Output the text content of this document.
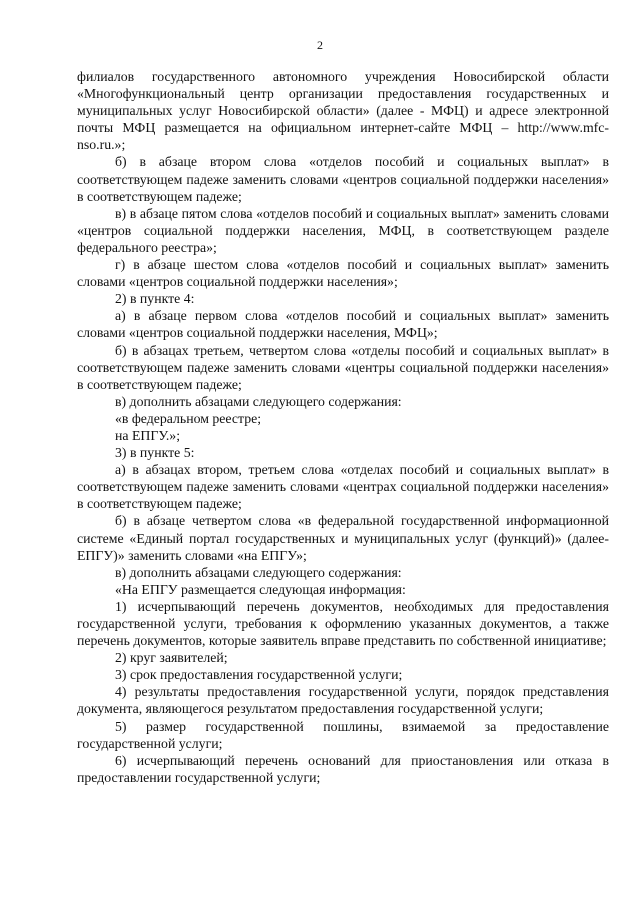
2

филиалов государственного автономного учреждения Новосибирской области «Многофункциональный центр организации предоставления государственных и муниципальных услуг Новосибирской области» (далее - МФЦ) и адресе электронной почты МФЦ размещается на официальном интернет-сайте МФЦ – http://www.mfc-nso.ru.»;

б) в абзаце втором слова «отделов пособий и социальных выплат» в соответствующем падеже заменить словами «центров социальной поддержки населения» в соответствующем падеже;

в) в абзаце пятом слова «отделов пособий и социальных выплат» заменить словами «центров социальной поддержки населения, МФЦ, в соответствующем разделе федерального реестра»;

г) в абзаце шестом слова «отделов пособий и социальных выплат» заменить словами «центров социальной поддержки населения»;

2) в пункте 4:

а) в абзаце первом слова «отделов пособий и социальных выплат» заменить словами «центров социальной поддержки населения, МФЦ»;

б) в абзацах третьем, четвертом слова «отделы пособий и социальных выплат» в соответствующем падеже заменить словами «центры социальной поддержки населения» в соответствующем падеже;

в) дополнить абзацами следующего содержания:

«в федеральном реестре;

на ЕПГУ.»;

3) в пункте 5:

а) в абзацах втором, третьем слова «отделах пособий и социальных выплат» в соответствующем падеже заменить словами «центрах социальной поддержки населения» в соответствующем падеже;

б) в абзаце четвертом слова «в федеральной государственной информационной системе «Единый портал государственных и муниципальных услуг (функций)» (далее-ЕПГУ)» заменить словами «на ЕПГУ»;

в) дополнить абзацами следующего содержания:

«На ЕПГУ размещается следующая информация:

1) исчерпывающий перечень документов, необходимых для предоставления государственной услуги, требования к оформлению указанных документов, а также перечень документов, которые заявитель вправе представить по собственной инициативе;

2) круг заявителей;

3) срок предоставления государственной услуги;

4) результаты предоставления государственной услуги, порядок представления документа, являющегося результатом предоставления государственной услуги;

5) размер государственной пошлины, взимаемой за предоставление государственной услуги;

6) исчерпывающий перечень оснований для приостановления или отказа в предоставлении государственной услуги;
